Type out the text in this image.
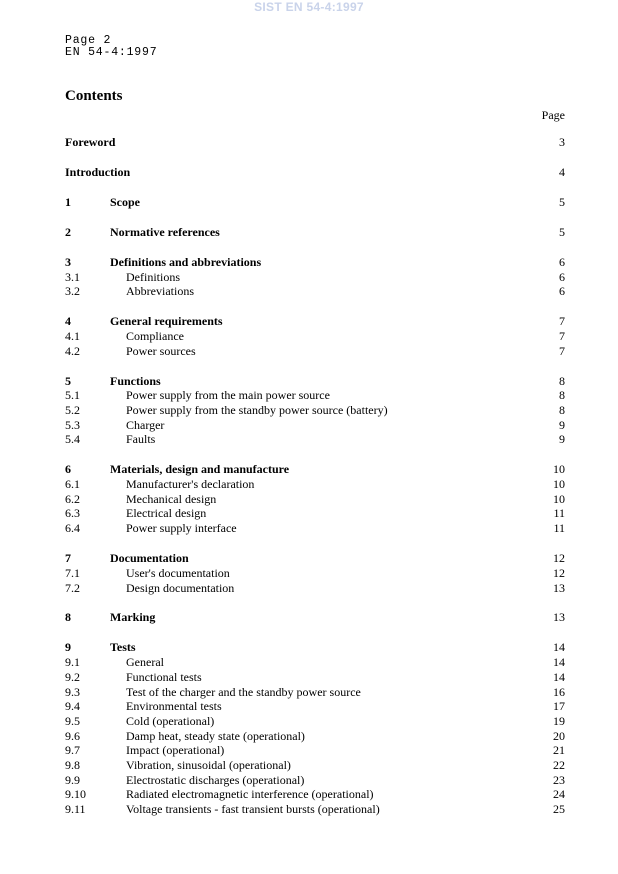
SIST EN 54-4:1997
Page 2
EN 54-4:1997
Contents
Page
Foreword	3
Introduction	4
1	Scope	5
2	Normative references	5
3	Definitions and abbreviations	6
3.1	Definitions	6
3.2	Abbreviations	6
4	General requirements	7
4.1	Compliance	7
4.2	Power sources	7
5	Functions	8
5.1	Power supply from the main power source	8
5.2	Power supply from the standby power source (battery)	8
5.3	Charger	9
5.4	Faults	9
6	Materials, design and manufacture	10
6.1	Manufacturer's declaration	10
6.2	Mechanical design	10
6.3	Electrical design	11
6.4	Power supply interface	11
7	Documentation	12
7.1	User's documentation	12
7.2	Design documentation	13
8	Marking	13
9	Tests	14
9.1	General	14
9.2	Functional tests	14
9.3	Test of the charger and the standby power source	16
9.4	Environmental tests	17
9.5	Cold (operational)	19
9.6	Damp heat, steady state (operational)	20
9.7	Impact (operational)	21
9.8	Vibration, sinusoidal (operational)	22
9.9	Electrostatic discharges (operational)	23
9.10	Radiated electromagnetic interference (operational)	24
9.11	Voltage transients - fast transient bursts (operational)	25
